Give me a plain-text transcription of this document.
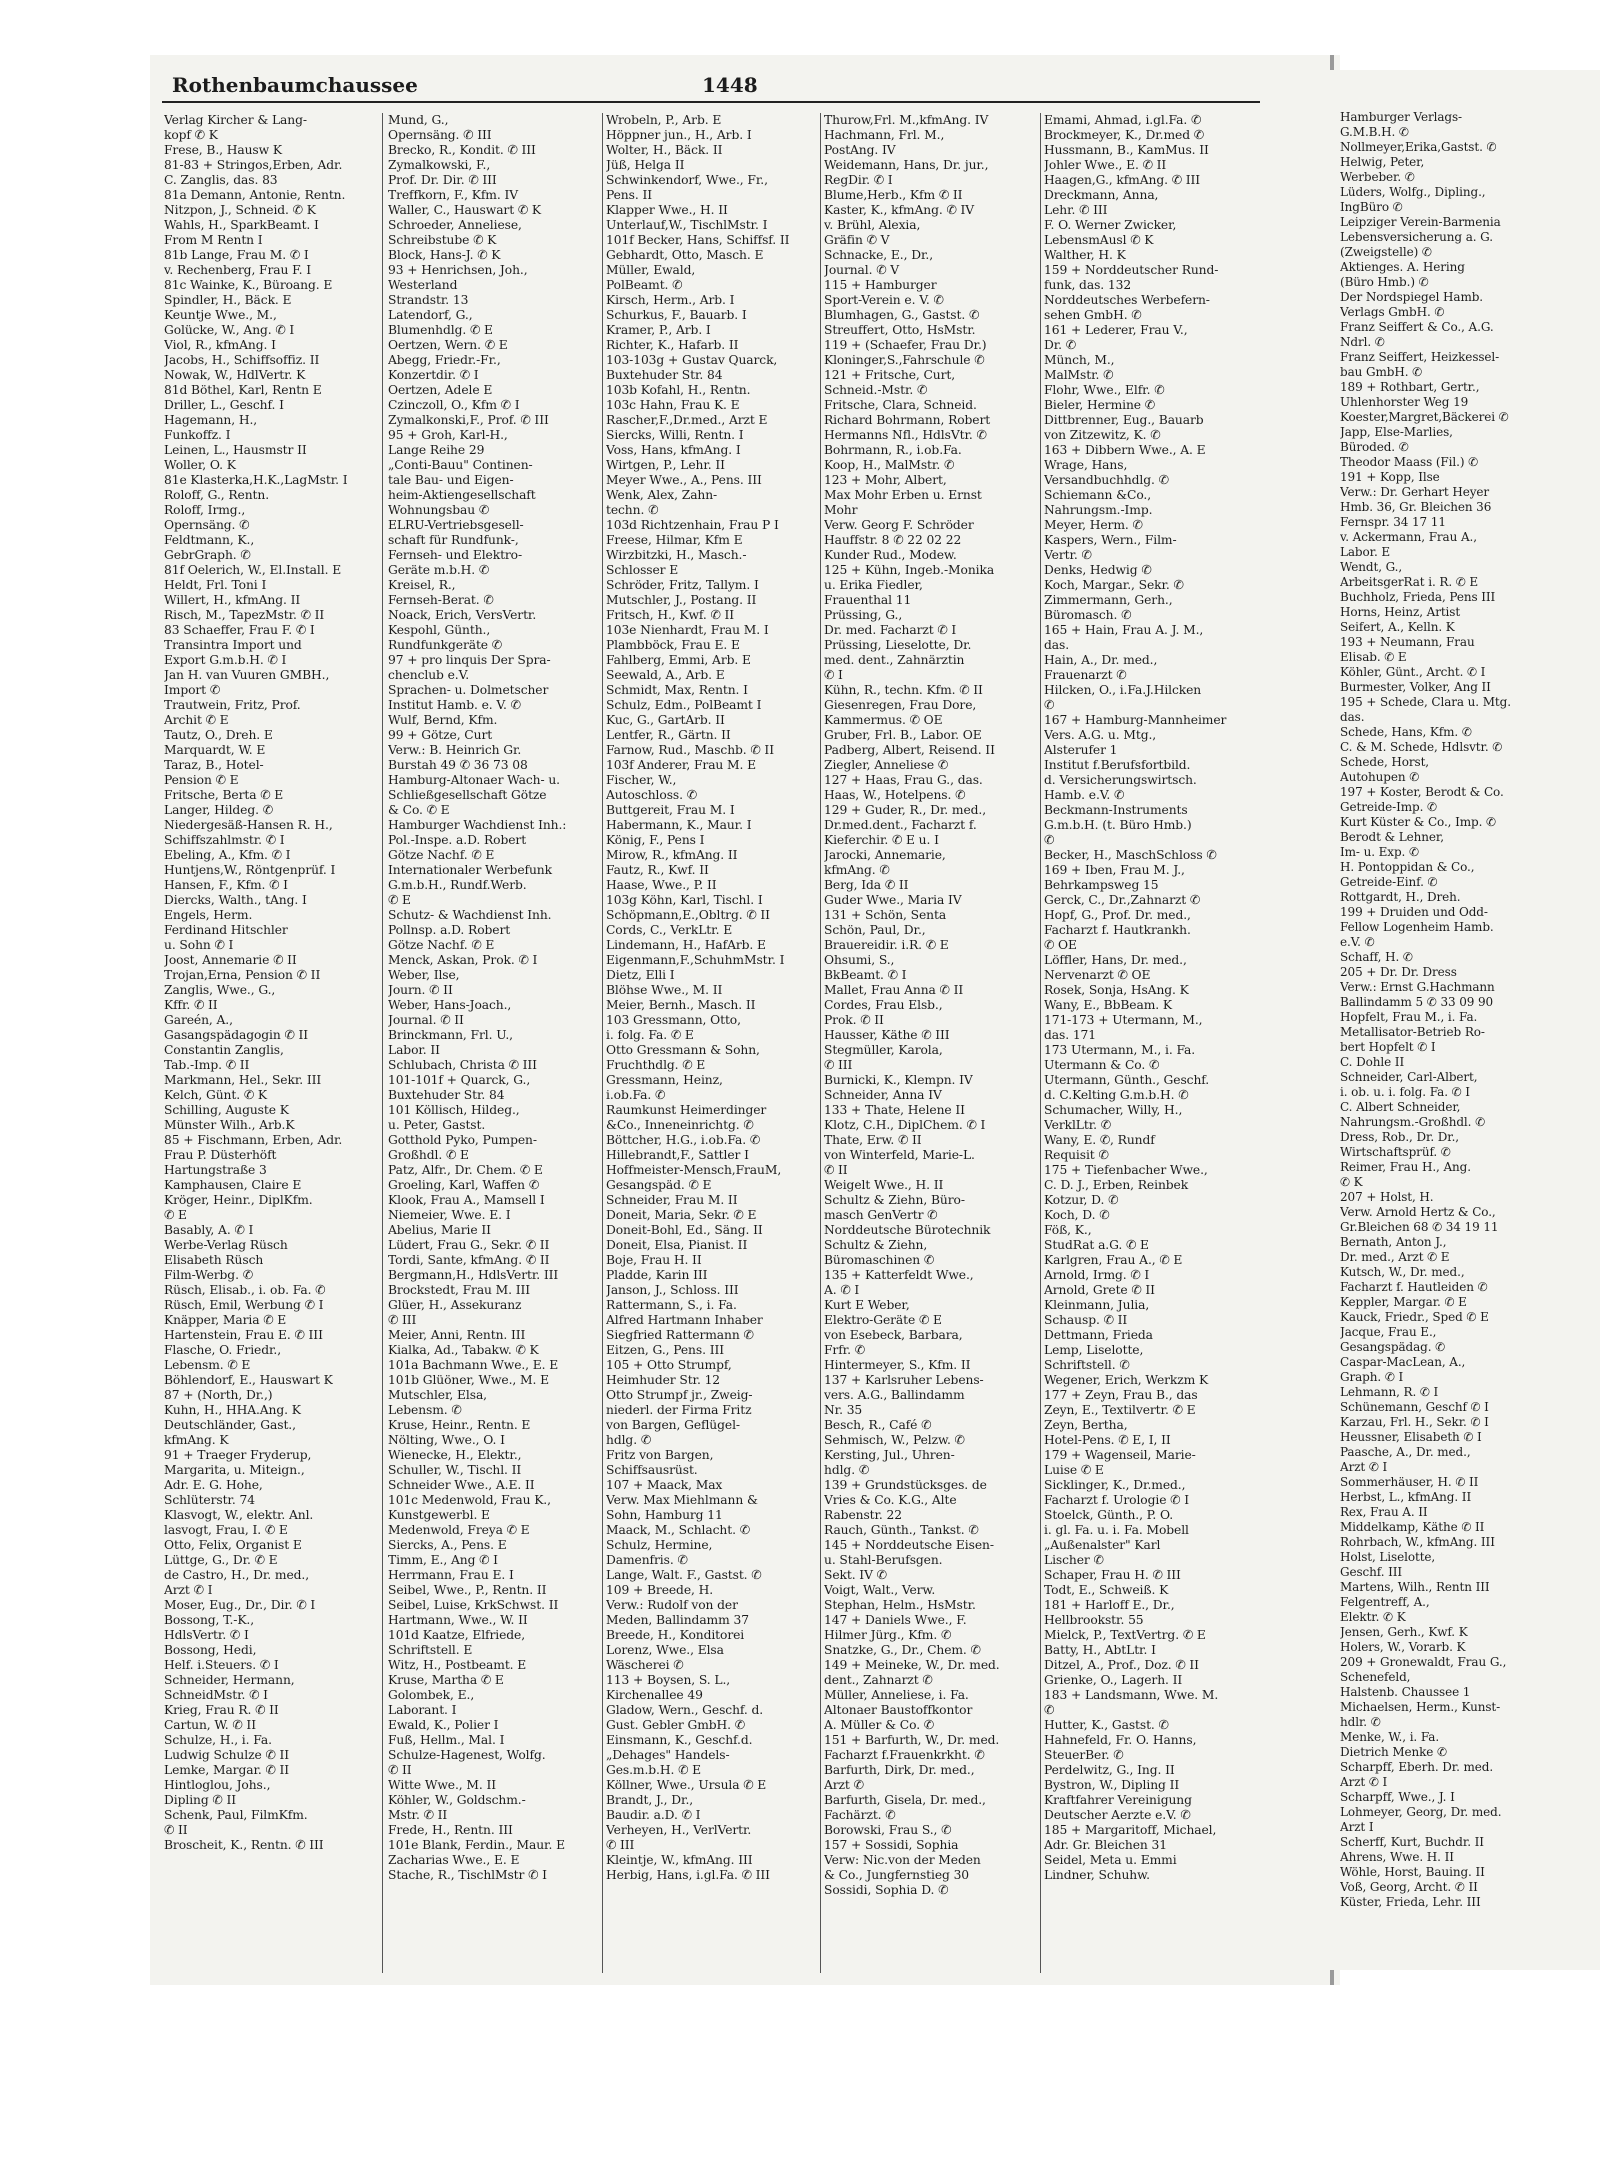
Rothenbaumchaussee	1448
Verlag Kircher & Lang-
kopf ✆ K
Frese, B., Hausw K
81-83 + Stringos,Erben, Adr.
C. Zanglis, das. 83
81a Demann, Antonie, Rentn.
Nitzpon, J., Schneid. ✆ K
Wahls, H., SparkBeamt. I
From M Rentn I
81b Lange, Frau M. ✆ I
v. Rechenberg, Frau F. I
81c Wainke, K., Büroang. E
Spindler, H., Bäck. E
Keuntje Wwe., M.,
Golücke, W., Ang. ✆ I
Viol, R., kfmAng. I
Jacobs, H., Schiffsoffiz. II
Nowak, W., HdlVertr. K
81d Böthel, Karl, Rentn E
Driller, L., Geschf. I
Hagemann, H.,
Funkoffz. I
Leinen, L., Hausmstr II
Woller, O. K
81e Klasterka,H.K.,LagMstr. I
Roloff, G., Rentn.
Roloff, Irmg.,
Operns​äng. ✆
Feldtmann, K.,
GebrGraph. ✆
81f Oelerich, W., El.Install. E
Heldt, Frl. Toni I
Willert, H., kfmAng. II
Risch, M., TapezMstr. ✆ II
83 Schaeffer, Frau F. ✆ I
Transintra Import und
Export G.m.b.H. ✆ I
Jan H. van Vuuren GMBH.,
Import ✆
Trautwein, Fritz, Prof.
Archit ✆ E
Tautz, O., Dreh. E
Marquardt, W. E
Taraz, B., Hotel-
Pension ✆ E
Fritsche, Berta ✆ E
Langer, Hildeg. ✆
Niedergesäß-Hansen R. H.,
Schiffszahlmstr. ✆ I
Ebeling, A., Kfm. ✆ I
Huntjens,W., Röntgenprüf. I
Hansen, F., Kfm. ✆ I
Diercks, Walth., tAng. I
Engels, Herm.
Ferdinand Hitschler
u. Sohn ✆ I
Joost, Annemarie ✆ II
Trojan,Erna, Pension ✆ II
Zanglis, Wwe., G.,
Kffr. ✆ II
Gareén, A.,
Gasangspädagogin ✆ II
Constantin Zanglis,
Tab.-Imp. ✆ II
Markmann, Hel., Sekr. III
Kelch, Günt. ✆ K
Schilling, Auguste K
Münster Wilh., Arb.K
85 + Fischmann, Erben, Adr.
Frau P. Düsterhöft
Hartungstraße 3
Kamphausen, Claire E
Kröger, Heinr., DiplKfm.
✆ E
Basably, A. ✆ I
Werbe-Verlag Rüsch
Elisabeth Rüsch
Film-Werbg. ✆
Rüsch, Elisab., i. ob. Fa. ✆
Rüsch, Emil, Werbung ✆ I
Knäpper, Maria ✆ E
Hartenstein, Frau E. ✆ III
Flasche, O. Friedr.,
Lebensm. ✆ E
Böhlendorf, E., Hauswart K
87 + (North, Dr.,)
Kuhn, H., HHA.Ang. K
Deutschländer, Gast.,
kfmAng. K
91 + Traeger Fryderup,
Margarita, u. Miteign.,
Adr. E. G. Hohe,
Schlüterstr. 74
Klasvogt, W., elektr. Anl.
lasvogt, Frau, I. ✆ E
Otto, Felix, Organist E
Lüttge, G., Dr. ✆ E
de Castro, H., Dr. med.,
Arzt ✆ I
Moser, Eug., Dr., Dir. ✆ I
Bossong, T.-K.,
HdlsVertr. ✆ I
Bossong, Hedi,
Helf. i.Steuers. ✆ I
Schneider, Hermann,
SchneidMstr. ✆ I
Krieg, Frau R. ✆ II
Cartun, W. ✆ II
Schulze, H., i. Fa.
Ludwig Schulze ✆ II
Lemke, Margar. ✆ II
Hintloglou, Johs.,
Dipling ✆ II
Schenk, Paul, FilmKfm.
✆ II
Broscheit, K., Rentn. ✆ III
Mund, G.,
Opernsäng. ✆ III
Brecko, R., Kondit. ✆ III
Zymalkowski, F.,
Prof. Dr. Dir. ✆ III
Treffkorn, F., Kfm. IV
Waller, C., Hauswart ✆ K
Schroeder, Anneliese,
Schreibstube ✆ K
Block, Hans-J. ✆ K
93 + Henrichsen, Joh.,
Westerland
Strandstr. 13
Latendorf, G.,
Blumenhdlg. ✆ E
Oertzen, Wern. ✆ E
Abegg, Friedr.-Fr.,
Konzertdir. ✆ I
Oertzen, Adele E
Czinczoll, O., Kfm ✆ I
Zymalkonski,F., Prof. ✆ III
95 + Groh, Karl-H.,
Lange Reihe 29
„Conti-Bauu" Continen-
tale Bau- und Eigen-
heim-Aktiengesellschaft
Wohnungsbau ✆
ELRU-Vertriebsgesell-
schaft für Rundfunk-,
Fernseh- und Elektro-
Geräte m.b.H. ✆
Kreisel, R.,
Fernseh-Berat. ✆
Noack, Erich, VersVertr.
Kespohl, Günth.,
Rundfunkgeräte ✆
97 + pro linquis Der Spra-
chenclub e.V.
Sprachen- u. Dolmetscher
Institut Hamb. e. V. ✆
Wulf, Bernd, Kfm.
99 + Götze, Curt
Verw.: B. Heinrich Gr.
Burstah 49 ✆ 36 73 08
Hamburg-Altonaer Wach- u.
Schließgesellschaft Götze
& Co. ✆ E
Hamburger Wachdienst Inh.:
Pol.-Inspe. a.D. Robert
Götze Nachf. ✆ E
Internationaler Werbefunk
G.m.b.H., Rundf.Werb.
✆ E
Schutz- & Wachdienst Inh.
Pollnsp. a.D. Robert
Götze Nachf. ✆ E
Menck, Askan, Prok. ✆ I
Weber, Ilse,
Journ. ✆ II
Weber, Hans-Joach.,
Journal. ✆ II
Brinckmann, Frl. U.,
Labor. II
Schlubach, Christa ✆ III
101-101f + Quarck, G.,
Buxtehuder Str. 84
101 Köllisch, Hildeg.,
u. Peter, Gastst.
Gotthold Pyko, Pumpen-
Großhdl. ✆ E
Patz, Alfr., Dr. Chem. ✆ E
Groeling, Karl, Waffen ✆
Klook, Frau A., Mamsell I
Niemeier, Wwe. E. I
Abelius, Marie II
Lüdert, Frau G., Sekr. ✆ II
Tordi, Sante, kfmAng. ✆ II
Bergmann,H., HdlsVertr. III
Brockstedt, Frau M. III
Glüer, H., Assekuranz
✆ III
Meier, Anni, Rentn. III
Kialka, Ad., Tabakw. ✆ K
101a Bachmann Wwe., E. E
101b Glüöner, Wwe., M. E
Mutschler, Elsa,
Lebensm. ✆
Kruse, Heinr., Rentn. E
Nölting, Wwe., O. I
Wienecke, H., Elektr.,
Schuller, W., Tischl. II
Schneider Wwe., A.E. II
101c Medenwold, Frau K.,
Kunstgewerbl. E
Medenwold, Freya ✆ E
Siercks, A., Pens. E
Timm, E., Ang ✆ I
Herrmann, Frau E. I
Seibel, Wwe., P., Rentn. II
Seibel, Luise, KrkSchwst. II
Hartmann, Wwe., W. II
101d Kaatze, Elfriede,
Schriftstell. E
Witz, H., Postbeamt. E
Kruse, Martha ✆ E
Golombek, E.,
Laborant. I
Ewald, K., Polier I
Fuß, Hellm., Mal. I
Schulze-Hagenest, Wolfg.
✆ II
Witte Wwe., M. II
Köhler, W., Goldschm.-
Mstr. ✆ II
Frede, H., Rentn. III
101e Blank, Ferdin., Maur. E
Zacharias Wwe., E. E
Stache, R., TischlMstr ✆ I
Wrobeln, P., Arb. E
Höppner jun., H., Arb. I
Wolter, H., Bäck. II
Jüß, Helga II
Schwinkendorf, Wwe., Fr.,
Pens. II
Klapper Wwe., H. II
Unterlauf,W., TischlMstr. I
101f Becker, Hans, Schiffsf. II
Gebhardt, Otto, Masch. E
Müller, Ewald,
PolBeamt. ✆
Kirsch, Herm., Arb. I
Schurkus, F., Bauarb. I
Kramer, P., Arb. I
Richter, K., Hafarb. II
103-103g + Gustav Quarck,
Buxtehuder Str. 84
103b Kofahl, H., Rentn.
103c Hahn, Frau K. E
Rascher,F.,Dr.med., Arzt E
Siercks, Willi, Rentn. I
Voss, Hans, kfmAng. I
Wirtgen, P., Lehr. II
Meyer Wwe., A., Pens. III
Wenk, Alex, Zahn-
techn. ✆
103d Richtzenhain, Frau P I
Freese, Hilmar, Kfm E
Wirzbitzki, H., Masch.-
Schlosser E
Schröder, Fritz, Tallym. I
Mutschler, J., Postang. II
Fritsch, H., Kwf. ✆ II
103e Nienhardt, Frau M. I
Plambböck, Frau E. E
Fahlberg, Emmi, Arb. E
Seewald, A., Arb. E
Schmidt, Max, Rentn. I
Schulz, Edm., PolBeamt I
Kuc, G., GartArb. II
Lentfer, R., Gärtn. II
Farnow, Rud., Maschb. ✆ II
103f Anderer, Frau M. E
Fischer, W.,
Autoschloss. ✆
Buttgereit, Frau M. I
Habermann, K., Maur. I
König, F., Pens I
Mirow, R., kfmAng. II
Fautz, R., Kwf. II
Haase, Wwe., P. II
103g Köhn, Karl, Tischl. I
Schöpmann,E.,Obltrg. ✆ II
Cords, C., VerkLtr. E
Lindemann, H., HafArb. E
Eigenmann,F.,SchuhmMstr. I
Dietz, Elli I
Blöhse Wwe., M. II
Meier, Bernh., Masch. II
103 Gressmann, Otto,
i. folg. Fa. ✆ E
Otto Gressmann & Sohn,
Fruchthdlg. ✆ E
Gressmann, Heinz,
i.ob.Fa. ✆
Raumkunst Heimerdinger
&Co., Inneneinrichtg. ✆
Böttcher, H.G., i.ob.Fa. ✆
Hillebrandt,F., Sattler I
Hoffmeister-Mensch,FrauM,
Gesangspäd. ✆ E
Schneider, Frau M. II
Doneit, Maria, Sekr. ✆ E
Doneit-Bohl, Ed., Säng. II
Doneit, Elsa, Pianist. II
Boje, Frau H. II
Pladde, Karin III
Janson, J., Schloss. III
Rattermann, S., i. Fa.
Alfred Hartmann Inhaber
Siegfried Rattermann ✆
Eitzen, G., Pens. III
105 + Otto Strumpf,
Heimhuder Str. 12
Otto Strumpf jr., Zweig-
niederl. der Firma Fritz
von Bargen, Geflügel-
hdlg. ✆
Fritz von Bargen,
Schiffsausrüst.
107 + Maack, Max
Verw. Max Miehlmann &
Sohn, Hamburg 11
Maack, M., Schlacht. ✆
Schulz, Hermine,
Damenfris. ✆
Lange, Walt. F., Gastst. ✆
109 + Breede, H.
Verw.: Rudolf von der
Meden, Ballindamm 37
Breede, H., Konditorei
Lorenz, Wwe., Elsa
Wäscherei ✆
113 + Boysen, S. L.,
Kirchenallee 49
Gladow, Wern., Geschf. d.
Gust. Gebler GmbH. ✆
Einsmann, K., Geschf.d.
„Dehages" Handels-
Ges.m.b.H. ✆ E
Köllner, Wwe., Ursula ✆ E
Brandt, J., Dr.,
Baudir. a.D. ✆ I
Verheyen, H., VerlVertr.
✆ III
Kleintje, W., kfmAng. III
Herbig, Hans, i.gl.Fa. ✆ III
Thurow,Frl. M.,kfmAng. IV
Hachmann, Frl. M.,
PostAng. IV
Weidemann, Hans, Dr. jur.,
RegDir. ✆ I
Blume,Herb., Kfm ✆ II
Kaster, K., kfmAng. ✆ IV
v. Brühl, Alexia,
Gräfin ✆ V
Schnacke, E., Dr.,
Journal. ✆ V
115 + Hamburger
Sport-Verein e. V. ✆
Blumhagen, G., Gastst. ✆
Streuffert, Otto, HsMstr.
119 + (Schaefer, Frau Dr.)
Kloninger,S.,Fahrschule ✆
121 + Fritsche, Curt,
Schneid.-Mstr. ✆
Fritsche, Clara, Schneid.
Richard Bohrmann, Robert
Hermanns Nfl., HdlsVtr. ✆
Bohrmann, R., i.ob.Fa.
Koop, H., MalMstr. ✆
123 + Mohr, Albert,
Max Mohr Erben u. Ernst
Mohr
Verw. Georg F. Schröder
Hauffstr. 8 ✆ 22 02 22
Kunder Rud., Modew.
125 + Kühn, Ingeb.-Monika
u. Erika Fiedler,
Frauenthal 11
Prüssing, G.,
Dr. med. Facharzt ✆ I
Prüssing, Lieselotte, Dr.
med. dent., Zahnärztin
✆ I
Kühn, R., techn. Kfm. ✆ II
Giesenregen, Frau Dore,
Kammermus. ✆ OE
Gruber, Frl. B., Labor. OE
Padberg, Albert, Reisend. II
Ziegler, Anneliese ✆
127 + Haas, Frau G., das.
Haas, W., Hotelpens. ✆
129 + Guder, R., Dr. med.,
Dr.med.dent., Facharzt f.
Kieferchir. ✆ E u. I
Jarocki, Annemarie,
kfmAng. ✆
Berg, Ida ✆ II
Guder Wwe., Maria IV
131 + Schön, Senta
Schön, Paul, Dr.,
Brauereidir. i.R. ✆ E
Ohsumi, S.,
BkBeamt. ✆ I
Mallet, Frau Anna ✆ II
Cordes, Frau Elsb.,
Prok. ✆ II
Hausser, Käthe ✆ III
Stegmüller, Karola,
✆ III
Burnicki, K., Klempn. IV
Schneider, Anna IV
133 + Thate, Helene II
Klotz, C.H., DiplChem. ✆ I
Thate, Erw. ✆ II
von Winterfeld, Marie-L.
✆ II
Weigelt Wwe., H. II
Schultz & Ziehn, Büro-
masch GenVertr ✆
Norddeutsche Bürotechnik
Schultz & Ziehn,
Büromaschinen ✆
135 + Katterfeldt Wwe.,
A. ✆ I
Kurt E Weber,
Elektro-Geräte ✆ E
von Esebeck, Barbara,
Frfr. ✆
Hintermeyer, S., Kfm. II
137 + Karlsruher Lebens-
vers. A.G., Ballindamm
Nr. 35
Besch, R., Café ✆
Sehmisch, W., Pelzw. ✆
Kersting, Jul., Uhren-
hdlg. ✆
139 + Grundstücksges. de
Vries & Co. K.G., Alte
Rabenstr. 22
Rauch, Günth., Tankst. ✆
145 + Norddeutsche Eisen-
u. Stahl-Berufsgen.
Sekt. IV ✆
Voigt, Walt., Verw.
Stephan, Helm., HsMstr.
147 + Daniels Wwe., F.
Hilmer Jürg., Kfm. ✆
Snatzke, G., Dr., Chem. ✆
149 + Meineke, W., Dr. med.
dent., Zahnarzt ✆
Müller, Anneliese, i. Fa.
Altonaer Baustoffkontor
A. Müller & Co. ✆
151 + Barfurth, W., Dr. med.
Facharzt f.Frauenkrkht. ✆
Barfurth, Dirk, Dr. med.,
Arzt ✆
Barfurth, Gisela, Dr. med.,
Fachärzt. ✆
Borowski, Frau S., ✆
157 + Sossidi, Sophia
Verw: Nic.von der Meden
& Co., Jungfernstieg 30
Sossidi, Sophia D. ✆
Emami, Ahmad, i.gl.Fa. ✆
Brockmeyer, K., Dr.med ✆
Hussmann, B., KamMus. II
Johler Wwe., E. ✆ II
Haagen,G., kfmAng. ✆ III
Dreckmann, Anna,
Lehr. ✆ III
F. O. Werner Zwicker,
LebensmAusl ✆ K
Walther, H. K
159 + Norddeutscher Rund-
funk, das. 132
Norddeutsches Werbefern-
sehen GmbH. ✆
161 + Lederer, Frau V.,
Dr. ✆
Münch, M.,
MalMstr. ✆
Flohr, Wwe., Elfr. ✆
Bieler, Hermine ✆
Dittbrenner, Eug., Bauarb
von Zitzewitz, K. ✆
163 + Dibbern Wwe., A. E
Wrage, Hans,
Versandbuchhdlg. ✆
Schiemann &Co.,
Nahrungsm.-Imp.
Meyer, Herm. ✆
Kaspers, Wern., Film-
Vertr. ✆
Denks, Hedwig ✆
Koch, Margar., Sekr. ✆
Zimmermann, Gerh.,
Büromasch. ✆
165 + Hain, Frau A. J. M.,
das.
Hain, A., Dr. med.,
Frauenarzt ✆
Hilcken, O., i.Fa.J.Hilcken
✆
167 + Hamburg-Mannheimer
Vers. A.G. u. Mtg.,
Alsterufer 1
Institut f.Berufsfortbild.
d. Versicherungswirtsch.
Hamb. e.V. ✆
Beckmann-Instruments
G.m.b.H. (t. Büro Hmb.)
✆
Becker, H., MaschSchloss ✆
169 + Iben, Frau M. J.,
Behrkampsweg 15
Gerck, C., Dr.,Zahnarzt ✆
Hopf, G., Prof. Dr. med.,
Facharzt f. Hautkrankh.
✆ OE
Löffler, Hans, Dr. med.,
Nervenarzt ✆ OE
Rosek, Sonja, HsAng. K
Wany, E., BbBeam. K
171-173 + Utermann, M.,
das. 171
173 Utermann, M., i. Fa.
Utermann & Co. ✆
Utermann, Günth., Geschf.
d. C.Kelting G.m.b.H. ✆
Schumacher, Willy, H.,
VerklLtr. ✆
Wany, E. ✆, Rundf
Requisit ✆
175 + Tiefenbacher Wwe.,
C. D. J., Erben, Reinbek
Kotzur, D. ✆
Koch, D. ✆
Föß, K.,
StudRat a.G. ✆ E
Karlgren, Frau A., ✆ E
Arnold, Irmg. ✆ I
Arnold, Grete ✆ II
Kleinmann, Julia,
Schausp. ✆ II
Dettmann, Frieda
Lemp, Liselotte,
Schriftstell. ✆
Wegener, Erich, Werkzm K
177 + Zeyn, Frau B., das
Zeyn, E., Textilvertr. ✆ E
Zeyn, Bertha,
Hotel-Pens. ✆ E, I, II
179 + Wagenseil, Marie-
Luise ✆ E
Sicklinger, K., Dr.med.,
Facharzt f. Urologie ✆ I
Stoelck, Günth., P. O.
i. gl. Fa. u. i. Fa. Mobell
„Außenalster" Karl
Lischer ✆
Schaper, Frau H. ✆ III
Todt, E., Schweiß. K
181 + Harloff E., Dr.,
Hellbrookstr. 55
Mielck, P., TextVertrg. ✆ E
Batty, H., AbtLtr. I
Ditzel, A., Prof., Doz. ✆ II
Grienke, O., Lagerh. II
183 + Landsmann, Wwe. M.
✆
Hutter, K., Gastst. ✆
Hahnefeld, Fr. O. Hanns,
SteuerBer. ✆
Perdelwitz, G., Ing. II
Bystron, W., Dipling II
Kraftfahrer Vereinigung
Deutscher Aerzte e.V. ✆
185 + Margaritoff, Michael,
Adr. Gr. Bleichen 31
Seidel, Meta u. Emmi
Lindner, Schuhw.
Hamburger Verlags-
G.M.B.H. ✆
Nollmeyer,Erika,Gastst. ✆
Helwig, Peter,
Werbeber. ✆
Lüders, Wolfg., Dipling.,
IngBüro ✆
Leipziger Verein-Barmenia
Lebensversicherung a. G.
(Zweigstelle) ✆
Aktienges. A. Hering
(Büro Hmb.) ✆
Der Nordspiegel Hamb.
Verlags GmbH. ✆
Franz Seiffert & Co., A.G.
Ndrl. ✆
Franz Seiffert, Heizkessel-
bau GmbH. ✆
189 + Rothbart, Gertr.,
Uhlenhorster Weg 19
Koester,Margret,Bäckerei ✆
Japp, Else-Marlies,
Büroded. ✆
Theodor Maass (Fil.) ✆
191 + Kopp, Ilse
Verw.: Dr. Gerhart Heyer
Hmb. 36, Gr. Bleichen 36
Fernspr. 34 17 11
v. Ackermann, Frau A.,
Labor. E
Wendt, G.,
ArbeitsgerRat i. R. ✆ E
Buchholz, Frieda, Pens III
Horns, Heinz, Artist
Seifert, A., Kelln. K
193 + Neumann, Frau
Elisab. ✆ E
Köhler, Günt., Archt. ✆ I
Burmester, Volker, Ang II
195 + Schede, Clara u. Mtg.
das.
Schede, Hans, Kfm. ✆
C. & M. Schede, Hdlsvtr. ✆
Schede, Horst,
Autohupen ✆
197 + Koster, Berodt & Co.
Getreide-Imp. ✆
Kurt Küster & Co., Imp. ✆
Berodt & Lehner,
Im- u. Exp. ✆
H. Pontoppidan & Co.,
Getreide-Einf. ✆
Rottgardt, H., Dreh.
199 + Druiden und Odd-
Fellow Logenheim Hamb.
e.V. ✆
Schaff, H. ✆
205 + Dr. Dr. Dress
Verw.: Ernst G.Hachmann
Ballindamm 5 ✆ 33 09 90
Hopfelt, Frau M., i. Fa.
Metallisator-Betrieb Ro-
bert Hopfelt ✆ I
C. Dohle II
Schneider, Carl-Albert,
i. ob. u. i. folg. Fa. ✆ I
C. Albert Schneider,
Nahrungsm.-Großhdl. ✆
Dress, Rob., Dr. Dr.,
Wirtschaftsprüf. ✆
Reimer, Frau H., Ang.
✆ K
207 + Holst, H.
Verw. Arnold Hertz & Co.,
Gr.Bleichen 68 ✆ 34 19 11
Bernath, Anton J.,
Dr. med., Arzt ✆ E
Kutsch, W., Dr. med.,
Facharzt f. Hautleiden ✆
Keppler, Margar. ✆ E
Kauck, Friedr., Sped ✆ E
Jacque, Frau E.,
Gesangspädag. ✆
Caspar-MacLean, A.,
Graph. ✆ I
Lehmann, R. ✆ I
Schünemann, Geschf ✆ I
Karzau, Frl. H., Sekr. ✆ I
Heussner, Elisabeth ✆ I
Paasche, A., Dr. med.,
Arzt ✆ I
Sommerhäuser, H. ✆ II
Herbst, L., kfmAng. II
Rex, Frau A. II
Middelkamp, Käthe ✆ II
Rohrbach, W., kfmAng. III
Holst, Liselotte,
Geschf. III
Martens, Wilh., Rentn III
Felgentreff, A.,
Elektr. ✆ K
Jensen, Gerh., Kwf. K
Holers, W., Vorarb. K
209 + Gronewaldt, Frau G.,
Schenefeld,
Halstenb. Chaussee 1
Michaelsen, Herm., Kunst-
hdlr. ✆
Menke, W., i. Fa.
Dietrich Menke ✆
Scharpff, Eberh. Dr. med.
Arzt ✆ I
Scharpff, Wwe., J. I
Lohmeyer, Georg, Dr. med.
Arzt I
Scherff, Kurt, Buchdr. II
Ahrens, Wwe. H. II
Wöhle, Horst, Bauing. II
Voß, Georg, Archt. ✆ II
Küster, Frieda, Lehr. III
